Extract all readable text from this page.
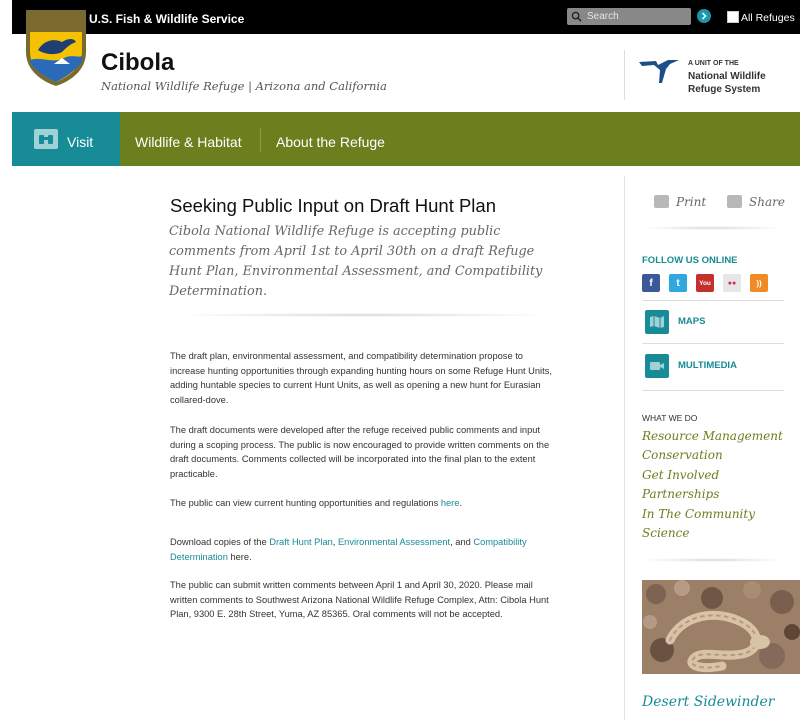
U.S. Fish & Wildlife Service
Search	All Refuges
Cibola
National Wildlife Refuge | Arizona and California
A UNIT OF THE
National Wildlife
Refuge System
Visit	Wildlife & Habitat About the Refuge
Seeking Public Input on Draft Hunt Plan
Cibola National Wildlife Refuge is accepting public comments from April 1st to April 30th on a draft Refuge Hunt Plan, Environmental Assessment, and Compatibility Determination.
The draft plan, environmental assessment, and compatibility determination propose to increase hunting opportunities through expanding hunting hours on some Refuge Hunt Units, adding huntable species to current Hunt Units, as well as opening a new hunt for Eurasian collared-dove.
The draft documents were developed after the refuge received public comments and input during a scoping process. The public is now encouraged to provide written comments on the draft documents. Comments collected will be incorporated into the final plan to the extent practicable.
The public can view current hunting opportunities and regulations here.
Download copies of the Draft Hunt Plan, Environmental Assessment, and Compatibility Determination here.
The public can submit written comments between April 1 and April 30, 2020. Please mail written comments to Southwest Arizona National Wildlife Refuge Complex, Attn: Cibola Hunt Plan, 9300 E. 28th Street, Yuma, AZ 85365. Oral comments will not be accepted.
Print	Share
FOLLOW US ONLINE
f	t	You	●●	))
MAPS
MULTIMEDIA
WHAT WE DO
Resource Management
Conservation
Get Involved
Partnerships
In The Community
Science
Desert Sidewinder
